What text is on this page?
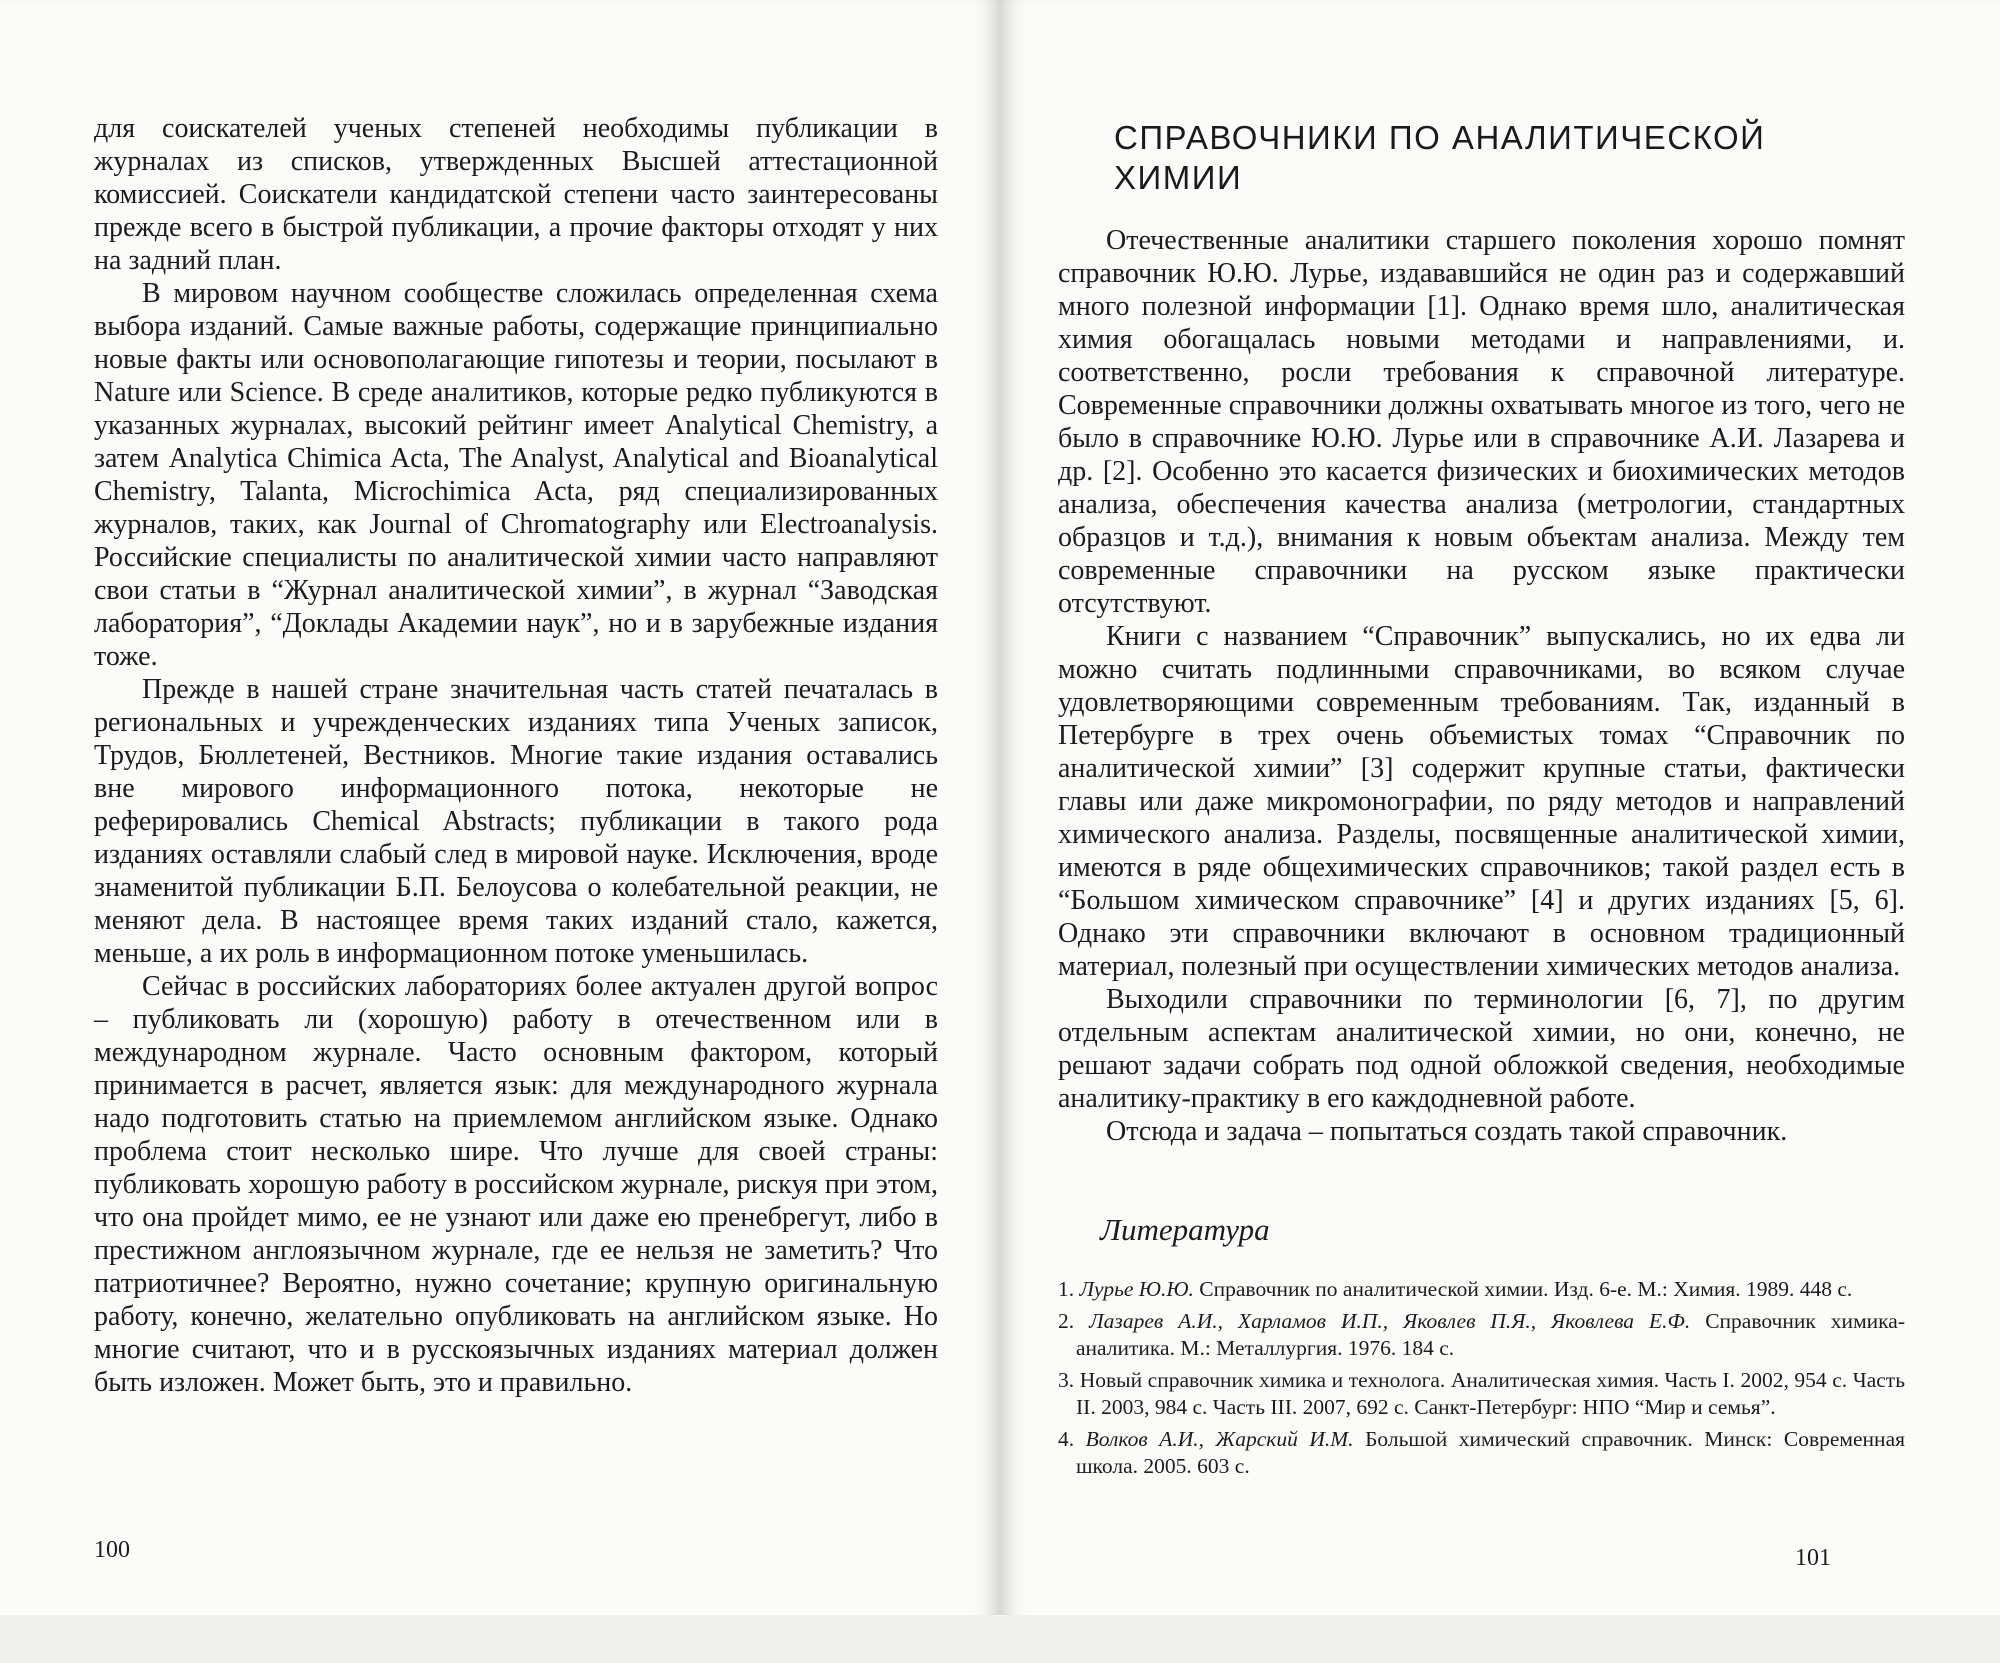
для соискателей ученых степеней необходимы публикации в журналах из списков, утвержденных Высшей аттестационной комиссией. Соискатели кандидатской степени часто заинтересованы прежде всего в быстрой публикации, а прочие факторы отходят у них на задний план.

В мировом научном сообществе сложилась определенная схема выбора изданий. Самые важные работы, содержащие принципиально новые факты или основополагающие гипотезы и теории, посылают в Nature или Science. В среде аналитиков, которые редко публикуются в указанных журналах, высокий рейтинг имеет Analytical Chemistry, а затем Analytica Chimica Acta, The Analyst, Analytical and Bioanalytical Chemistry, Talanta, Microchimica Acta, ряд специализированных журналов, таких, как Journal of Chromatography или Electroanalysis. Российские специалисты по аналитической химии часто направляют свои статьи в “Журнал аналитической химии”, в журнал “Заводская лаборатория”, “Доклады Академии наук”, но и в зарубежные издания тоже.

Прежде в нашей стране значительная часть статей печаталась в региональных и учрежденческих изданиях типа Ученых записок, Трудов, Бюллетеней, Вестников. Многие такие издания оставались вне мирового информационного потока, некоторые не реферировались Chemical Abstracts; публикации в такого рода изданиях оставляли слабый след в мировой науке. Исключения, вроде знаменитой публикации Б.П. Белоусова о колебательной реакции, не меняют дела. В настоящее время таких изданий стало, кажется, меньше, а их роль в информационном потоке уменьшилась.

Сейчас в российских лабораториях более актуален другой вопрос – публиковать ли (хорошую) работу в отечественном или в международном журнале. Часто основным фактором, который принимается в расчет, является язык: для международного журнала надо подготовить статью на приемлемом английском языке. Однако проблема стоит несколько шире. Что лучше для своей страны: публиковать хорошую работу в российском журнале, рискуя при этом, что она пройдет мимо, ее не узнают или даже ею пренебрегут, либо в престижном англоязычном журнале, где ее нельзя не заметить? Что патриотичнее? Вероятно, нужно сочетание; крупную оригинальную работу, конечно, желательно опубликовать на английском языке. Но многие считают, что и в русскоязычных изданиях материал должен быть изложен. Может быть, это и правильно.

100
СПРАВОЧНИКИ ПО АНАЛИТИЧЕСКОЙ
ХИМИИ

Отечественные аналитики старшего поколения хорошо помнят справочник Ю.Ю. Лурье, издававшийся не один раз и содержавший много полезной информации [1]. Однако время шло, аналитическая химия обогащалась новыми методами и направлениями, и. соответственно, росли требования к справочной литературе. Современные справочники должны охватывать многое из того, чего не было в справочнике Ю.Ю. Лурье или в справочнике А.И. Лазарева и др. [2]. Особенно это касается физических и биохимических методов анализа, обеспечения качества анализа (метрологии, стандартных образцов и т.д.), внимания к новым объектам анализа. Между тем современные справочники на русском языке практически отсутствуют.

Книги с названием “Справочник” выпускались, но их едва ли можно считать подлинными справочниками, во всяком случае удовлетворяющими современным требованиям. Так, изданный в Петербурге в трех очень объемистых томах “Справочник по аналитической химии” [3] содержит крупные статьи, фактически главы или даже микромонографии, по ряду методов и направлений химического анализа. Разделы, посвященные аналитической химии, имеются в ряде общехимических справочников; такой раздел есть в “Большом химическом справочнике” [4] и других изданиях [5, 6]. Однако эти справочники включают в основном традиционный материал, полезный при осуществлении химических методов анализа.

Выходили справочники по терминологии [6, 7], по другим отдельным аспектам аналитической химии, но они, конечно, не решают задачи собрать под одной обложкой сведения, необходимые аналитику-практику в его каждодневной работе.

Отсюда и задача – попытаться создать такой справочник.

Литература
1. Лурье Ю.Ю. Справочник по аналитической химии. Изд. 6-е. М.: Химия. 1989. 448 с.
2. Лазарев А.И., Харламов И.П., Яковлев П.Я., Яковлева Е.Ф. Справочник химика-аналитика. М.: Металлургия. 1976. 184 с.
3. Новый справочник химика и технолога. Аналитическая химия. Часть I. 2002, 954 с. Часть II. 2003, 984 с. Часть III. 2007, 692 с. Санкт-Петербург: НПО “Мир и семья”.
4. Волков А.И., Жарский И.М. Большой химический справочник. Минск: Современная школа. 2005. 603 с.
101
